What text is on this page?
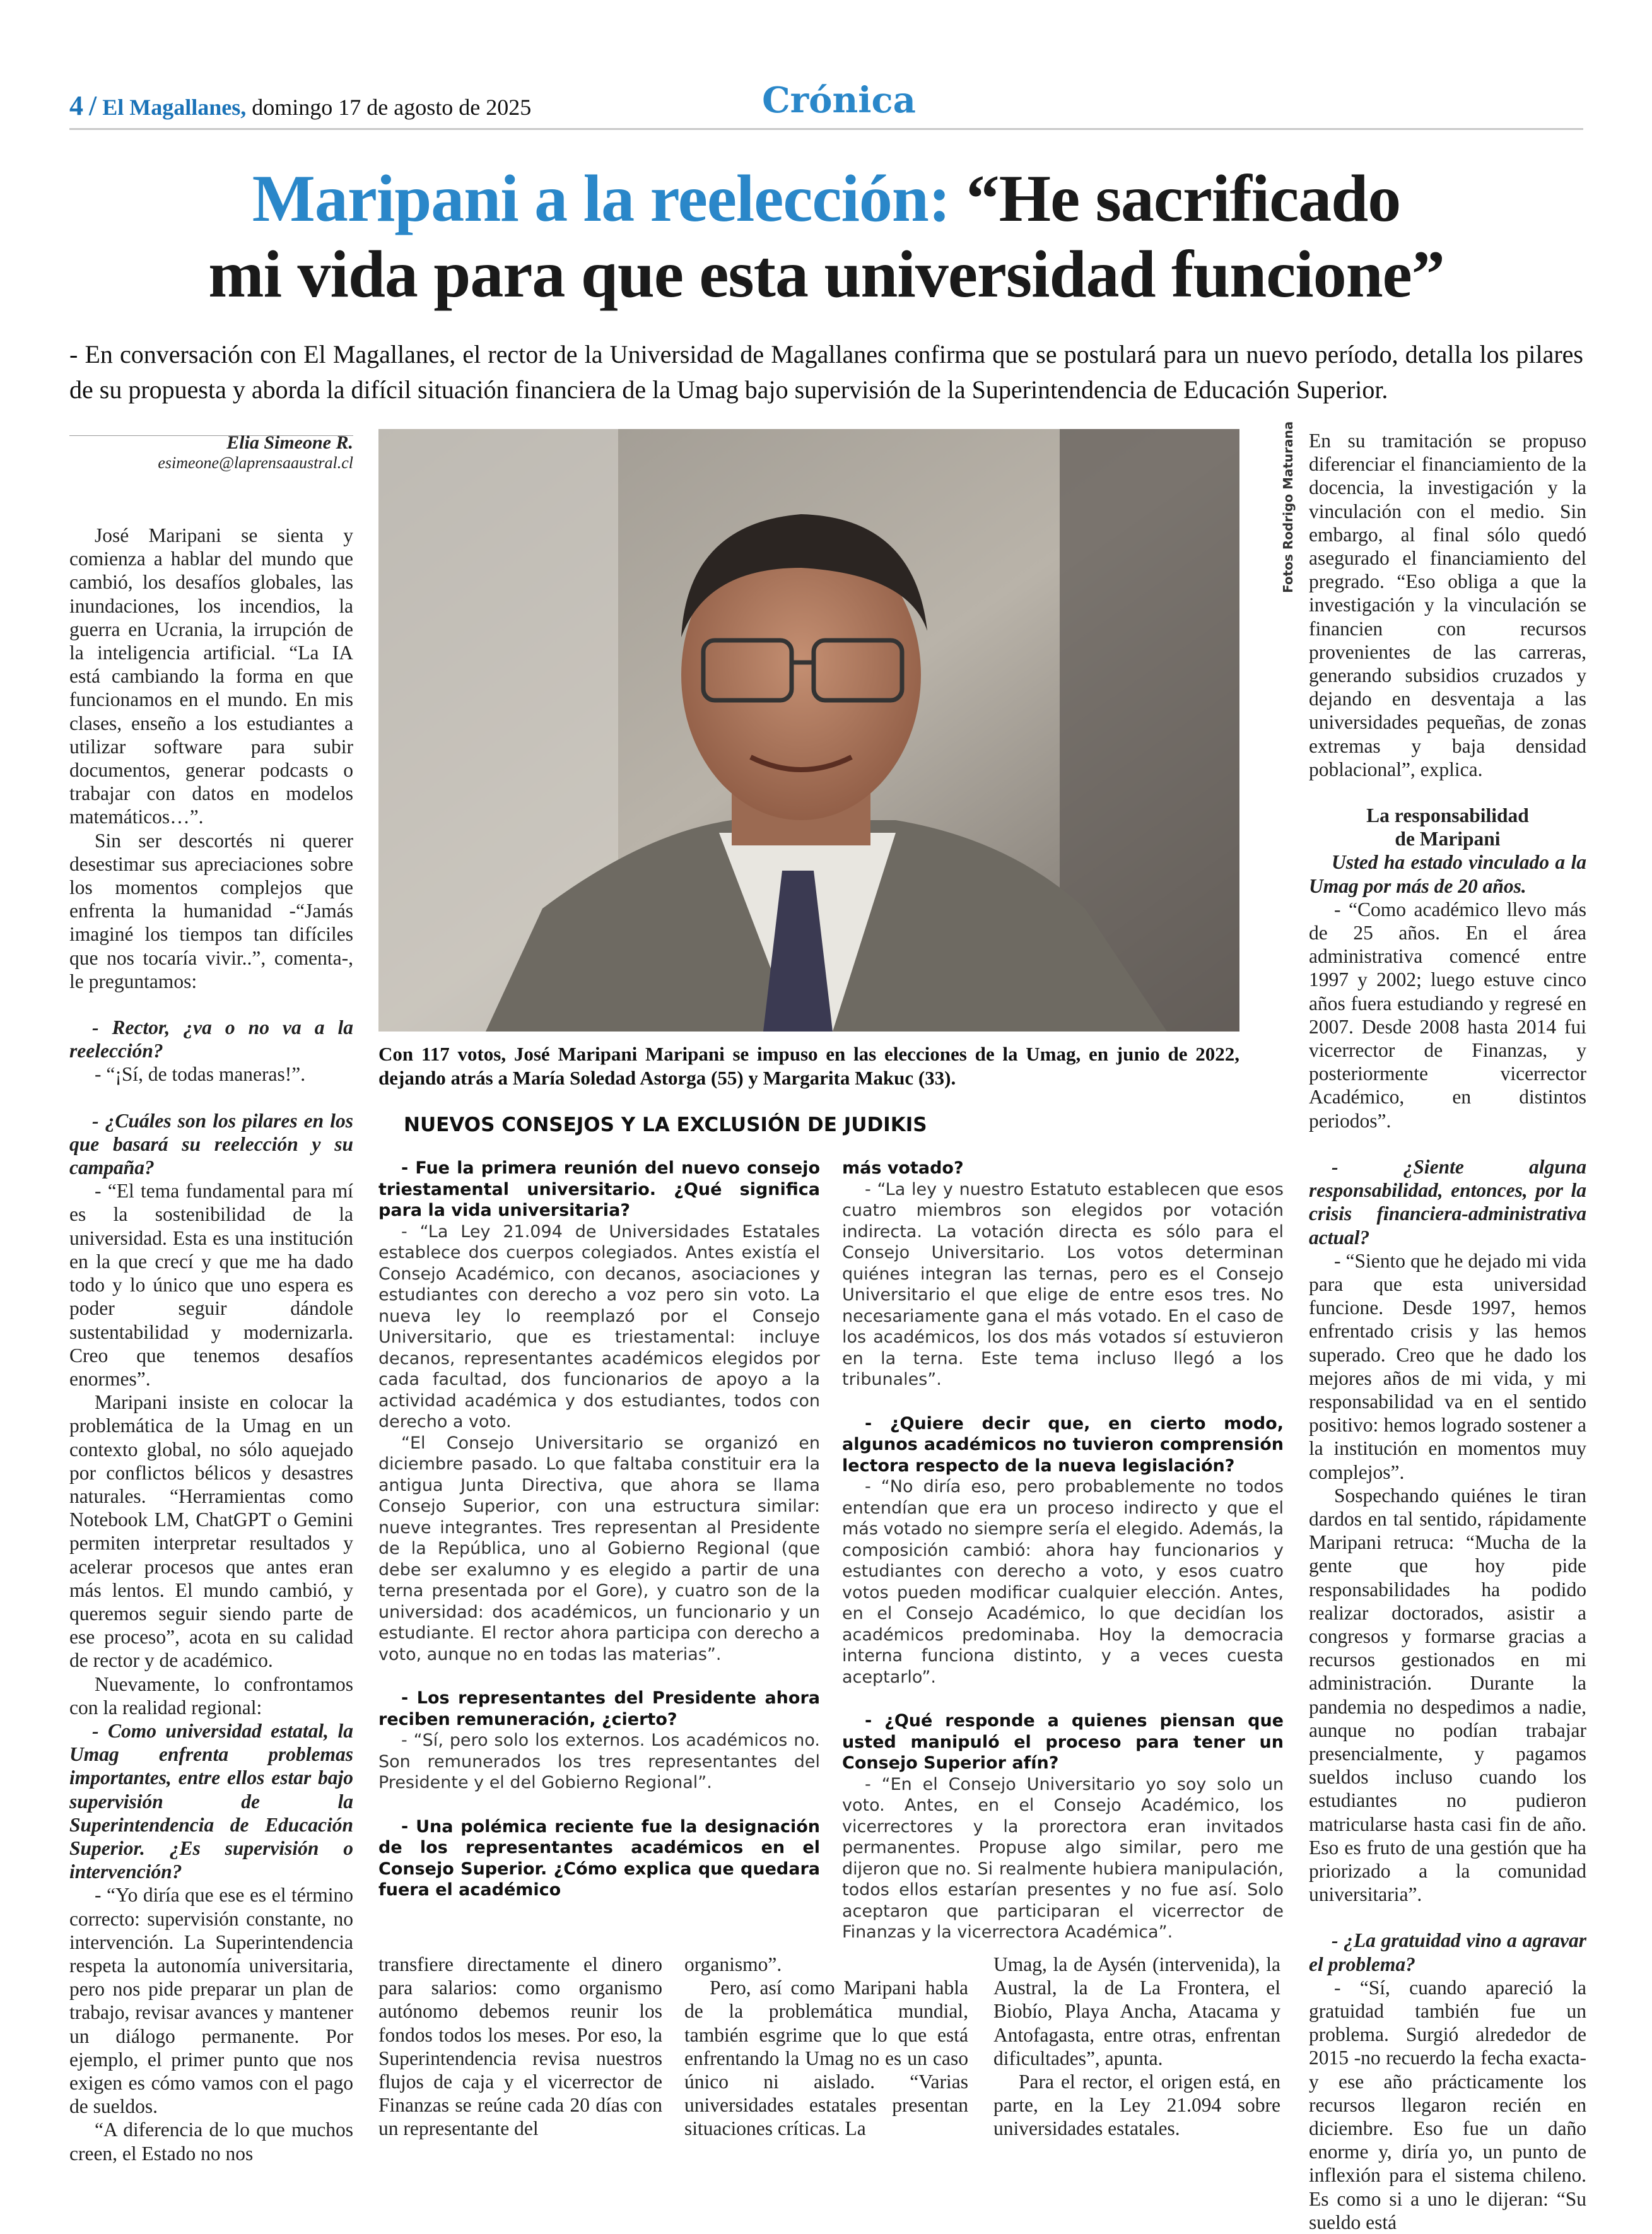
4 / El Magallanes, domingo 17 de agosto de 2025	Crónica
Maripani a la reelección: “He sacrificado
mi vida para que esta universidad funcione”
- En conversación con El Magallanes, el rector de la Universidad de Magallanes confirma que se postulará para un nuevo período, detalla los pilares de su propuesta y aborda la difícil situación financiera de la Umag bajo supervisión de la Superintendencia de Educación Superior.
Elia Simeone R.
esimeone@laprensaaustral.cl

José Maripani se sienta y comienza a hablar del mundo que cambió, los desafíos globales, las inundaciones, los incendios, la guerra en Ucrania, la irrupción de la inteligencia artificial. “La IA está cambiando la forma en que funcionamos en el mundo. En mis clases, enseño a los estudiantes a utilizar software para subir documentos, generar podcasts o trabajar con datos en modelos matemáticos…”.

Sin ser descortés ni querer desestimar sus apreciaciones sobre los momentos complejos que enfrenta la humanidad -“Jamás imaginé los tiempos tan difíciles que nos tocaría vivir..”, comenta-, le preguntamos:

- Rector, ¿va o no va a la reelección?

- “¡Sí, de todas maneras!”.

- ¿Cuáles son los pilares en los que basará su reelección y su campaña?

- “El tema fundamental para mí es la sostenibilidad de la universidad. Esta es una institución en la que crecí y que me ha dado todo y lo único que uno espera es poder seguir dándole sustentabilidad y modernizarla. Creo que tenemos desafíos enormes”.

Maripani insiste en colocar la problemática de la Umag en un contexto global, no sólo aquejado por conflictos bélicos y desastres naturales. “Herramientas como Notebook LM, ChatGPT o Gemini permiten interpretar resultados y acelerar procesos que antes eran más lentos. El mundo cambió, y queremos seguir siendo parte de ese proceso”, acota en su calidad de rector y de académico.

Nuevamente, lo confrontamos con la realidad regional:

- Como universidad estatal, la Umag enfrenta problemas importantes, entre ellos estar bajo supervisión de la Superintendencia de Educación Superior. ¿Es supervisión o intervención?

- “Yo diría que ese es el término correcto: supervisión constante, no intervención. La Superintendencia respeta la autonomía universitaria, pero nos pide preparar un plan de trabajo, revisar avances y mantener un diálogo permanente. Por ejemplo, el primer punto que nos exigen es cómo vamos con el pago de sueldos.

“A diferencia de lo que muchos creen, el Estado no nos

Fotos Rodrigo Maturana
Con 117 votos, José Maripani Maripani se impuso en las elecciones de la Umag, en junio de 2022, dejando atrás a María Soledad Astorga (55) y Margarita Makuc (33).
NUEVOS CONSEJOS Y LA EXCLUSIÓN DE JUDIKIS

- Fue la primera reunión del nuevo consejo triestamental universitario. ¿Qué significa para la vida universitaria?

- “La Ley 21.094 de Universidades Estatales establece dos cuerpos colegiados. Antes existía el Consejo Académico, con decanos, asociaciones y estudiantes con derecho a voz pero sin voto. La nueva ley lo reemplazó por el Consejo Universitario, que es triestamental: incluye decanos, representantes académicos elegidos por cada facultad, dos funcionarios de apoyo a la actividad académica y dos estudiantes, todos con derecho a voto.

“El Consejo Universitario se organizó en diciembre pasado. Lo que faltaba constituir era la antigua Junta Directiva, que ahora se llama Consejo Superior, con una estructura similar: nueve integrantes. Tres representan al Presidente de la República, uno al Gobierno Regional (que debe ser exalumno y es elegido a partir de una terna presentada por el Gore), y cuatro son de la universidad: dos académicos, un funcionario y un estudiante. El rector ahora participa con derecho a voto, aunque no en todas las materias”.

- Los representantes del Presidente ahora reciben remuneración, ¿cierto?

- “Sí, pero solo los externos. Los académicos no. Son remunerados los tres representantes del Presidente y el del Gobierno Regional”.

- Una polémica reciente fue la designación de los representantes académicos en el Consejo Superior. ¿Cómo explica que quedara fuera el académico

más votado?

- “La ley y nuestro Estatuto establecen que esos cuatro miembros son elegidos por votación indirecta. La votación directa es sólo para el Consejo Universitario. Los votos determinan quiénes integran las ternas, pero es el Consejo Universitario el que elige de entre esos tres. No necesariamente gana el más votado. En el caso de los académicos, los dos más votados sí estuvieron en la terna. Este tema incluso llegó a los tribunales”.

- ¿Quiere decir que, en cierto modo, algunos académicos no tuvieron comprensión lectora respecto de la nueva legislación?

- “No diría eso, pero probablemente no todos entendían que era un proceso indirecto y que el más votado no siempre sería el elegido. Además, la composición cambió: ahora hay funcionarios y estudiantes con derecho a voto, y esos cuatro votos pueden modificar cualquier elección. Antes, en el Consejo Académico, lo que decidían los académicos predominaba. Hoy la democracia interna funciona distinto, y a veces cuesta aceptarlo”.

- ¿Qué responde a quienes piensan que usted manipuló el proceso para tener un Consejo Superior afín?

- “En el Consejo Universitario yo soy solo un voto. Antes, en el Consejo Académico, los vicerrectores y la prorectora eran invitados permanentes. Propuse algo similar, pero me dijeron que no. Si realmente hubiera manipulación, todos ellos estarían presentes y no fue así. Solo aceptaron que participaran el vicerrector de Finanzas y la vicerrectora Académica”.

transfiere directamente el dinero para salarios: como organismo autónomo debemos reunir los fondos todos los meses. Por eso, la Superintendencia revisa nuestros flujos de caja y el vicerrector de Finanzas se reúne cada 20 días con un representante del

organismo”.

Pero, así como Maripani habla de la problemática mundial, también esgrime que lo que está enfrentando la Umag no es un caso único ni aislado. “Varias universidades estatales presentan situaciones críticas. La

Umag, la de Aysén (intervenida), la Austral, la de La Frontera, el Biobío, Playa Ancha, Atacama y Antofagasta, entre otras, enfrentan dificultades”, apunta.

Para el rector, el origen está, en parte, en la Ley 21.094 sobre universidades estatales.

En su tramitación se propuso diferenciar el financiamiento de la docencia, la investigación y la vinculación con el medio. Sin embargo, al final sólo quedó asegurado el financiamiento del pregrado. “Eso obliga a que la investigación y la vinculación se financien con recursos provenientes de las carreras, generando subsidios cruzados y dejando en desventaja a las universidades pequeñas, de zonas extremas y baja densidad poblacional”, explica.

La responsabilidad
de Maripani

Usted ha estado vinculado a la Umag por más de 20 años.

- “Como académico llevo más de 25 años. En el área administrativa comencé entre 1997 y 2002; luego estuve cinco años fuera estudiando y regresé en 2007. Desde 2008 hasta 2014 fui vicerrector de Finanzas, y posteriormente vicerrector Académico, en distintos periodos”.

- ¿Siente alguna responsabilidad, entonces, por la crisis financiera-administrativa actual?

- “Siento que he dejado mi vida para que esta universidad funcione. Desde 1997, hemos enfrentado crisis y las hemos superado. Creo que he dado los mejores años de mi vida, y mi responsabilidad va en el sentido positivo: hemos logrado sostener a la institución en momentos muy complejos”.

Sospechando quiénes le tiran dardos en tal sentido, rápidamente Maripani retruca: “Mucha de la gente que hoy pide responsabilidades ha podido realizar doctorados, asistir a congresos y formarse gracias a recursos gestionados en mi administración. Durante la pandemia no despedimos a nadie, aunque no podían trabajar presencialmente, y pagamos sueldos incluso cuando los estudiantes no pudieron matricularse hasta casi fin de año. Eso es fruto de una gestión que ha priorizado a la comunidad universitaria”.

- ¿La gratuidad vino a agravar el problema?

- “Sí, cuando apareció la gratuidad también fue un problema. Surgió alrededor de 2015 -no recuerdo la fecha exacta- y ese año prácticamente los recursos llegaron recién en diciembre. Eso fue un daño enorme y, diría yo, un punto de inflexión para el sistema chileno. Es como si a uno le dijeran: “Su sueldo está
